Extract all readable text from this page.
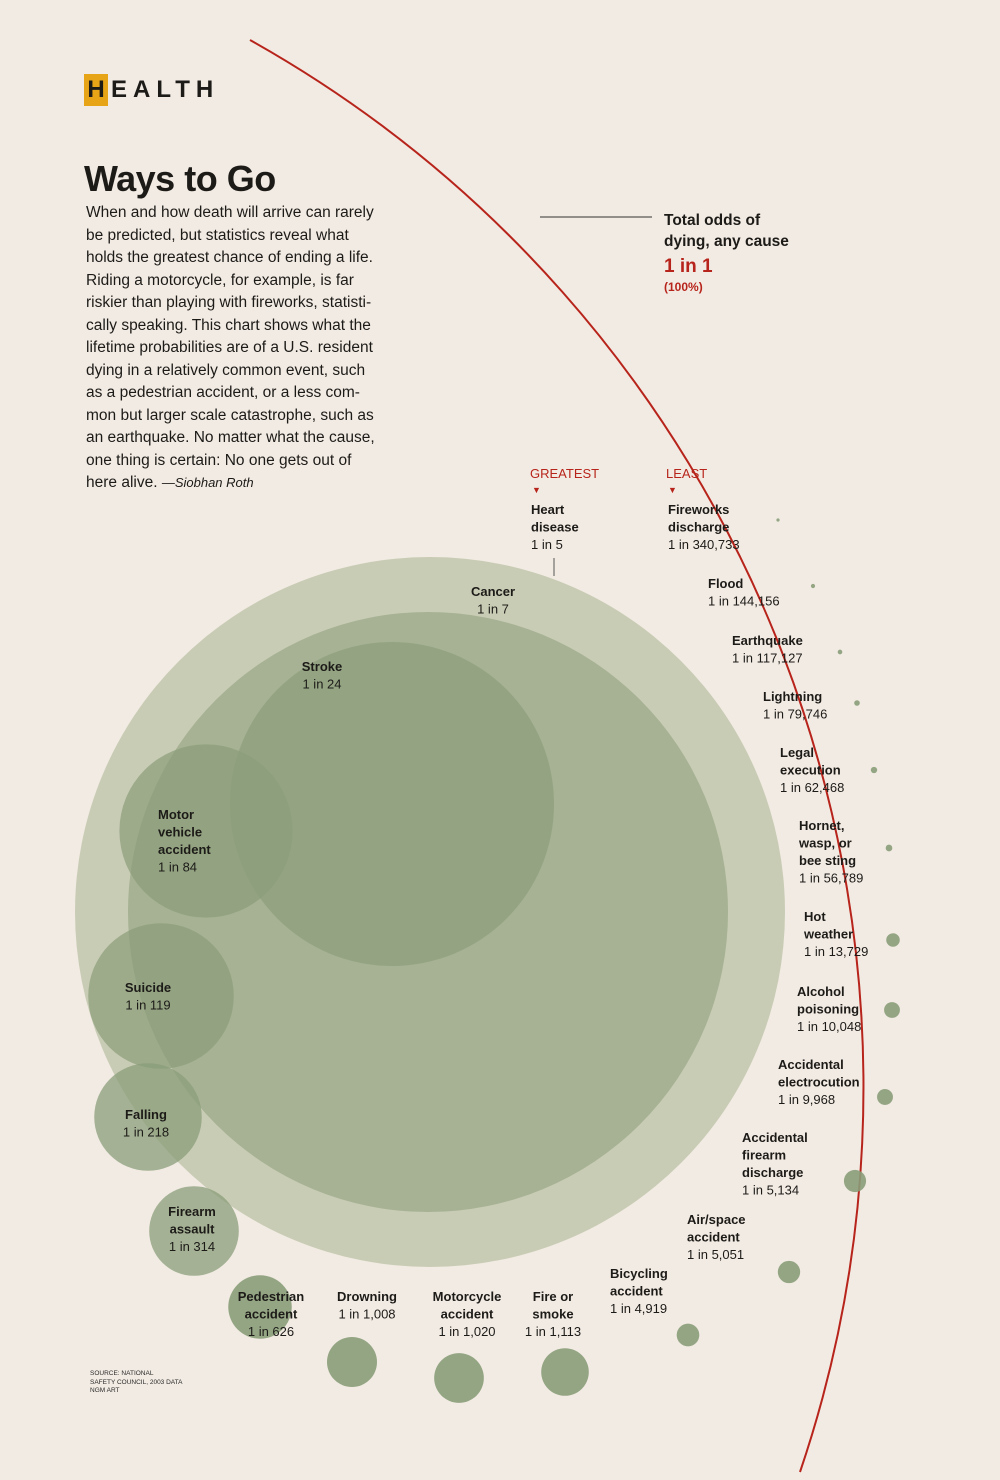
Heart
disease
1 in 5
Cancer
1 in 7
Stroke
1 in 24
Motor
vehicle
accident
1 in 84
Suicide
1 in 119
Falling
1 in 218
Firearm
assault
1 in 314
Pedestrian
accident
1 in 626
Drowning
1 in 1,008
Motorcycle
accident
1 in 1,020
Fire or
smoke
1 in 1,113
Bicycling
accident
1 in 4,919
Air/space
accident
1 in 5,051
Accidental
firearm
discharge
1 in 5,134
Accidental
electrocution
1 in 9,968
Alcohol
poisoning
1 in 10,048
Hot
weather
1 in 13,729
Hornet,
wasp, or
bee sting
1 in 56,789
Legal
execution
1 in 62,468
Lightning
1 in 79,746
Earthquake
1 in 117,127
Flood
1 in 144,156
Fireworks
discharge
1 in 340,733
H EALTH
Ways to Go

When and how death will arrive can rarely
be predicted, but statistics reveal what
holds the greatest chance of ending a life.
Riding a motorcycle, for example, is far
riskier than playing with fireworks, statisti-
cally speaking. This chart shows what the
lifetime probabilities are of a U.S. resident
dying in a relatively common event, such
as a pedestrian accident, or a less com-
mon but larger scale catastrophe, such as
an earthquake. No matter what the cause,
one thing is certain: No one gets out of
here alive. —Siobhan Roth

Total odds of
dying, any cause
1 in 1
(100%)
GREATEST
▼
LEAST
▼
SOURCE: NATIONAL
SAFETY COUNCIL, 2003 DATA
NGM ART
